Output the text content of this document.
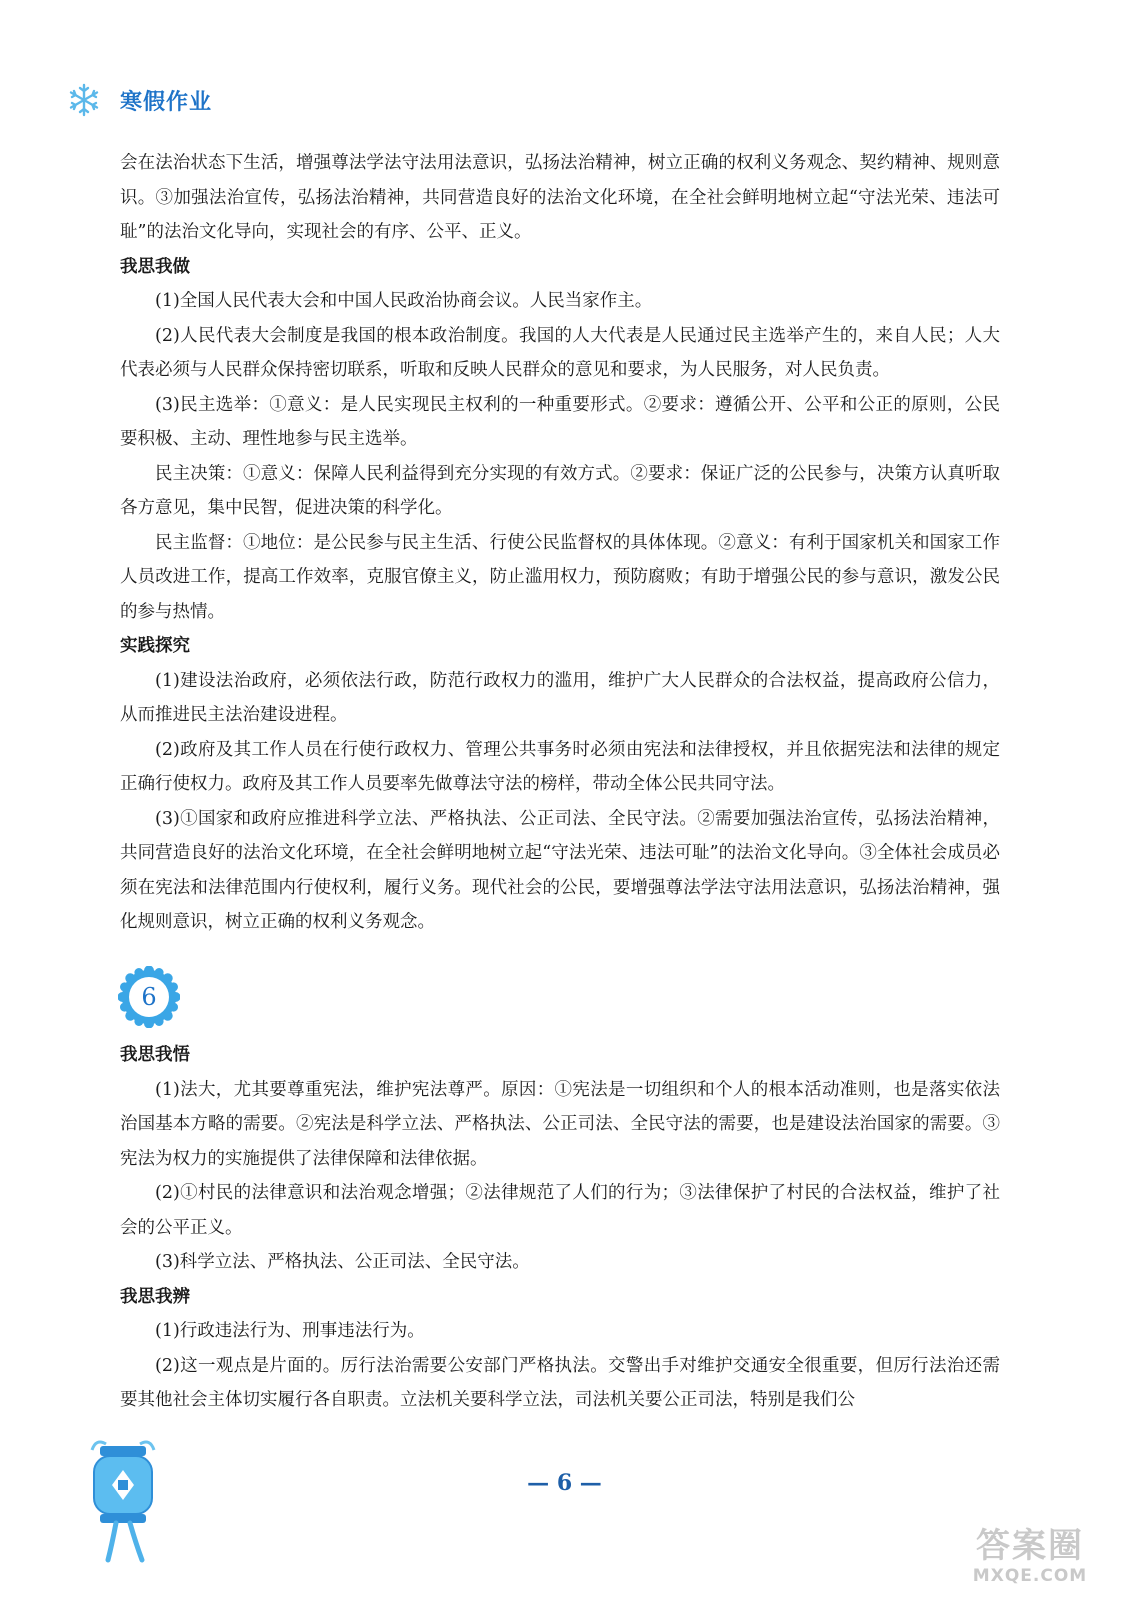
寒假作业

会在法治状态下生活，增强尊法学法守法用法意识，弘扬法治精神，树立正确的权利义务观念、契约精神、规则意识。③加强法治宣传，弘扬法治精神，共同营造良好的法治文化环境，在全社会鲜明地树立起“守法光荣、违法可耻”的法治文化导向，实现社会的有序、公平、正义。

我思我做

(1)全国人民代表大会和中国人民政治协商会议。人民当家作主。

(2)人民代表大会制度是我国的根本政治制度。我国的人大代表是人民通过民主选举产生的，来自人民；人大代表必须与人民群众保持密切联系，听取和反映人民群众的意见和要求，为人民服务，对人民负责。

(3)民主选举：①意义：是人民实现民主权利的一种重要形式。②要求：遵循公开、公平和公正的原则，公民要积极、主动、理性地参与民主选举。

民主决策：①意义：保障人民利益得到充分实现的有效方式。②要求：保证广泛的公民参与，决策方认真听取各方意见，集中民智，促进决策的科学化。

民主监督：①地位：是公民参与民主生活、行使公民监督权的具体体现。②意义：有利于国家机关和国家工作人员改进工作，提高工作效率，克服官僚主义，防止滥用权力，预防腐败；有助于增强公民的参与意识，激发公民的参与热情。

实践探究

(1)建设法治政府，必须依法行政，防范行政权力的滥用，维护广大人民群众的合法权益，提高政府公信力，从而推进民主法治建设进程。

(2)政府及其工作人员在行使行政权力、管理公共事务时必须由宪法和法律授权，并且依据宪法和法律的规定正确行使权力。政府及其工作人员要率先做尊法守法的榜样，带动全体公民共同守法。

(3)①国家和政府应推进科学立法、严格执法、公正司法、全民守法。②需要加强法治宣传，弘扬法治精神，共同营造良好的法治文化环境，在全社会鲜明地树立起“守法光荣、违法可耻”的法治文化导向。③全体社会成员必须在宪法和法律范围内行使权利，履行义务。现代社会的公民，要增强尊法学法守法用法意识，弘扬法治精神，强化规则意识，树立正确的权利义务观念。

6
我思我悟

(1)法大，尤其要尊重宪法，维护宪法尊严。原因：①宪法是一切组织和个人的根本活动准则，也是落实依法治国基本方略的需要。②宪法是科学立法、严格执法、公正司法、全民守法的需要，也是建设法治国家的需要。③宪法为权力的实施提供了法律保障和法律依据。

(2)①村民的法律意识和法治观念增强；②法律规范了人们的行为；③法律保护了村民的合法权益，维护了社会的公平正义。

(3)科学立法、严格执法、公正司法、全民守法。

我思我辨

(1)行政违法行为、刑事违法行为。

(2)这一观点是片面的。厉行法治需要公安部门严格执法。交警出手对维护交通安全很重要，但厉行法治还需要其他社会主体切实履行各自职责。立法机关要科学立法，司法机关要公正司法，特别是我们公

— 6 —
答案圈
MXQE.COM
